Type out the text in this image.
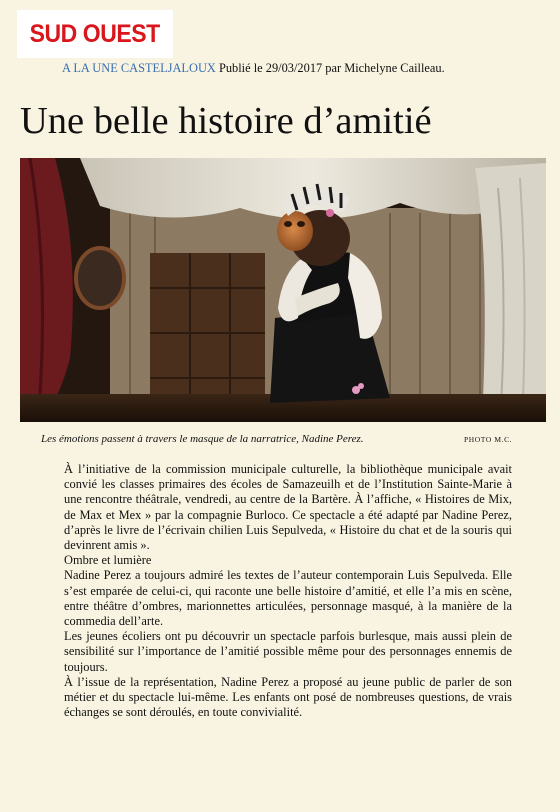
SUD OUEST
A LA UNE CASTELJALOUX Publié le 29/03/2017 par Michelyne Cailleau.
Une belle histoire d’amitié
Les émotions passent à travers le masque de la narratrice, Nadine Perez.	PHOTO M.C.

À l’initiative de la commission municipale culturelle, la bibliothèque municipale avait convié les classes primaires des écoles de Samazeuilh et de l’Institution Sainte-Marie à une rencontre théâtrale, vendredi, au centre de la Bartère. À l’affiche, « Histoires de Mix, de Max et Mex » par la compagnie Burloco. Ce spectacle a été adapté par Nadine Perez, d’après le livre de l’écrivain chilien Luis Sepulveda, « Histoire du chat et de la souris qui devinrent amis ».

Ombre et lumière

Nadine Perez a toujours admiré les textes de l’auteur contemporain Luis Sepulveda. Elle s’est emparée de celui-ci, qui raconte une belle histoire d’amitié, et elle l’a mis en scène, entre théâtre d’ombres, marionnettes articulées, personnage masqué, à la manière de la commedia dell’arte.

Les jeunes écoliers ont pu découvrir un spectacle parfois burlesque, mais aussi plein de sensibilité sur l’importance de l’amitié possible même pour des personnages ennemis de toujours.

À l’issue de la représentation, Nadine Perez a proposé au jeune public de parler de son métier et du spectacle lui-même. Les enfants ont posé de nombreuses questions, de vrais échanges se sont déroulés, en toute convivialité.
